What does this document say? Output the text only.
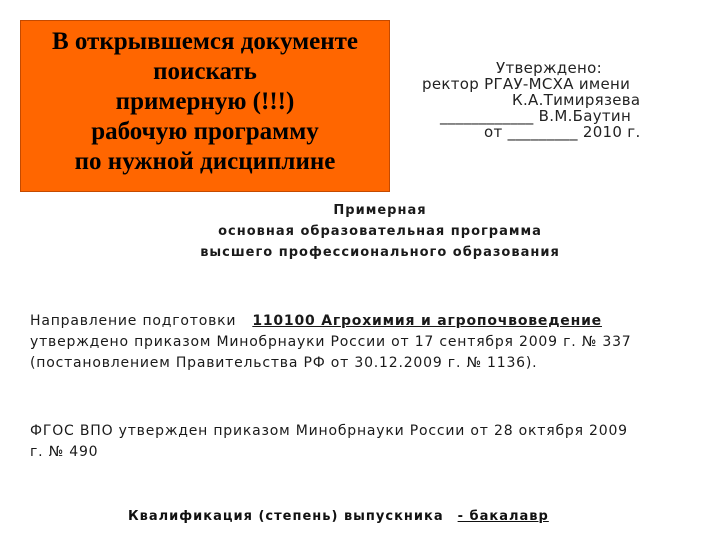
В открывшемся документе
поискать
примерную (!!!)
рабочую программу
по нужной дисциплине
Утверждено:
ректор РГАУ-МСХА имени
К.А.Тимирязева
____________ В.М.Баутин
от _________ 2010 г.
Примерная
основная образовательная программа
высшего профессионального образования
Направление подготовки 110100 Агрохимия и агропочвоведение
утверждено приказом Минобрнауки России от 17 сентября 2009 г. № 337
(постановлением Правительства РФ от 30.12.2009 г. № 1136).
ФГОС ВПО утвержден приказом Минобрнауки России от 28 октября 2009
г. № 490
Квалификация (степень) выпускника - бакалавр
